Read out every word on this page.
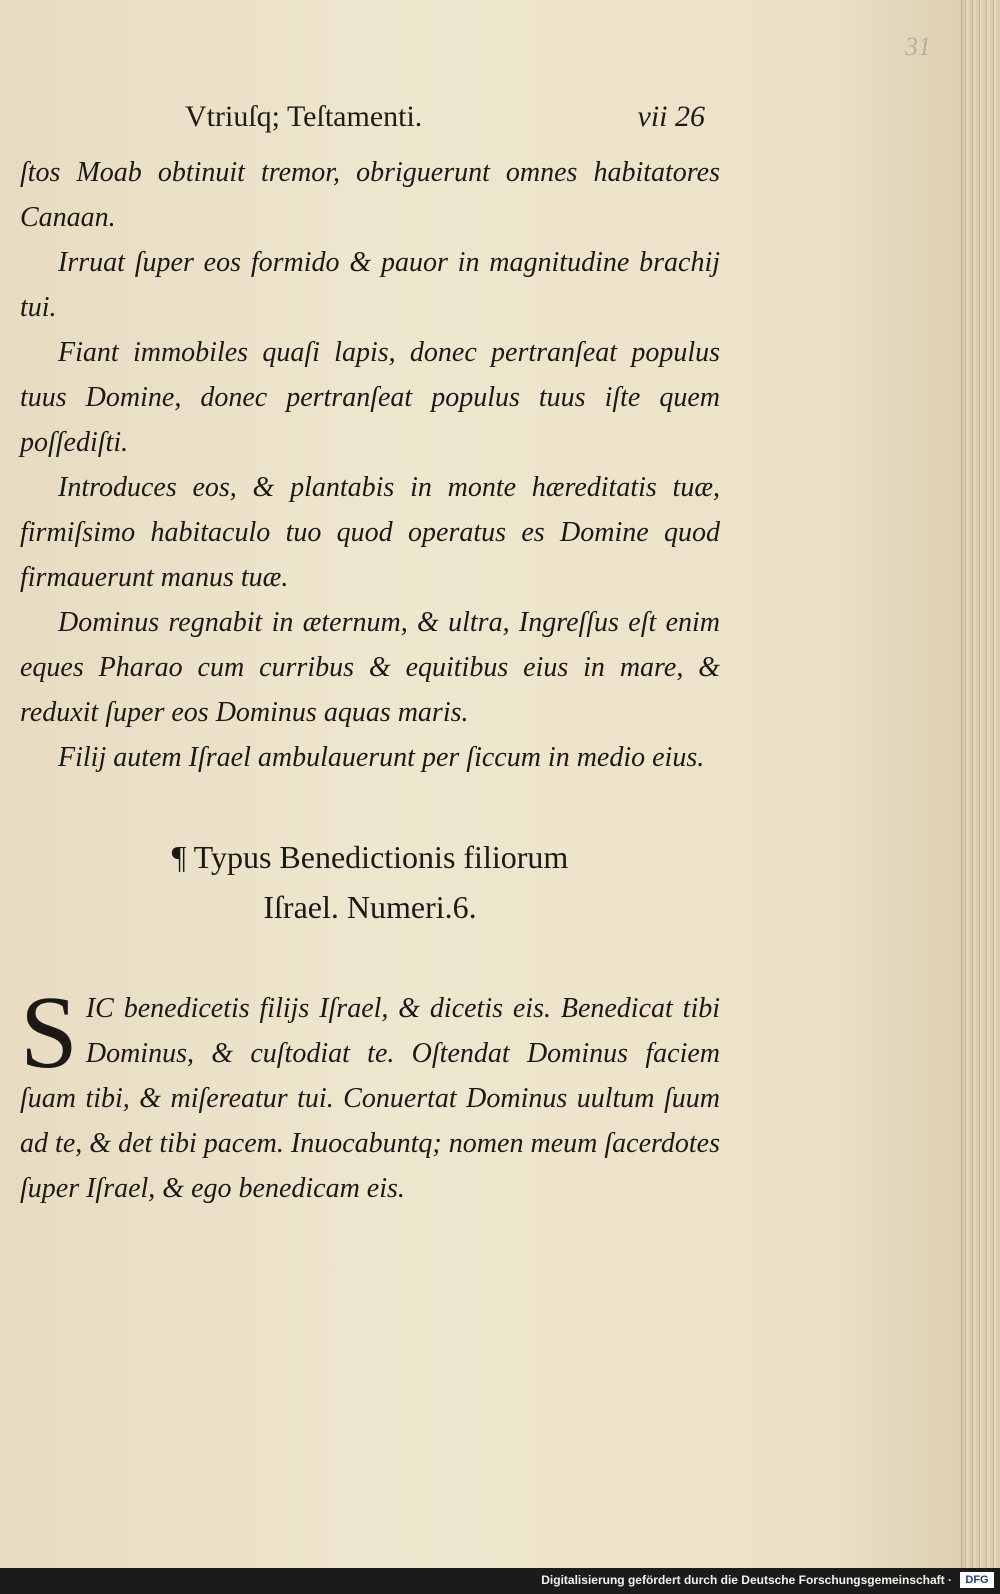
31
Vtriuſq; Teſtamenti.	vii 26

ſtos Moab obtinuit tremor, obriguerunt omnes habitatores Canaan.

Irruat ſuper eos formido & pauor in magnitudine brachij tui.

Fiant immobiles quaſi lapis, donec pertranſeat populus tuus Domine, donec pertranſeat populus tuus iſte quem poſſediſti.

Introduces eos, & plantabis in monte hæreditatis tuæ, firmiſsimo habitaculo tuo quod operatus es Domine quod firmauerunt manus tuæ.

Dominus regnabit in æternum, & ultra, Ingreſſus eſt enim eques Pharao cum curribus & equitibus eius in mare, & reduxit ſuper eos Dominus aquas maris.

Filij autem Iſrael ambulauerunt per ſiccum in medio eius.

¶ Typus Benedictionis filiorum
Iſrael. Numeri.6.

S IC benedicetis filijs Iſrael, & dicetis eis. Benedicat tibi Dominus, & cuſtodiat te. Oſtendat Dominus faciem ſuam tibi, & miſereatur tui. Conuertat Dominus uultum ſuum ad te, & det tibi pacem. Inuocabuntq; nomen meum ſacerdotes ſuper Iſrael, & ego benedicam eis.

Digitalisierung gefördert durch die Deutsche Forschungsgemeinschaft ·	DFG
